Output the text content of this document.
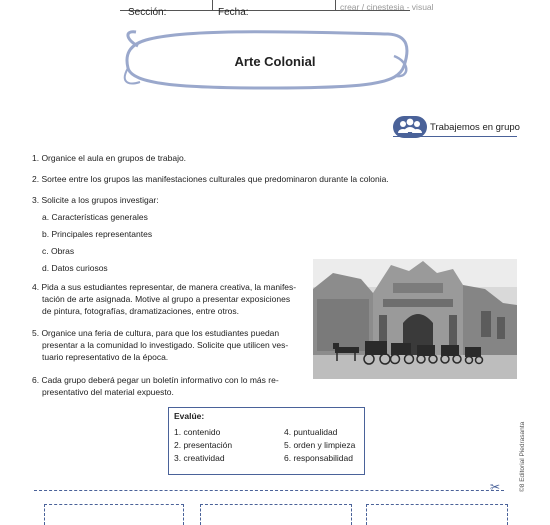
Sección:	Fecha:	crear / cinestesia - visual
Arte Colonial
Trabajemos en grupo
1. Organice el aula en grupos de trabajo.
2. Sortee entre los grupos las manifestaciones culturales que predominaron durante la colonia.
3. Solicite a los grupos investigar:
a. Características generales
b. Principales representantes
c. Obras
d. Datos curiosos
4. Pida a sus estudiantes representar, de manera creativa, la manifes-
tación de arte asignada. Motive al grupo a presentar exposiciones
de pintura, fotografías, dramatizaciones, entre otros.
5. Organice una feria de cultura, para que los estudiantes puedan
presentar a la comunidad lo investigado. Solicite que utilicen ves-
tuario representativo de la época.
6. Cada grupo deberá pegar un boletín informativo con lo más re-
presentativo del material expuesto.
Evalúe:
1. contenido
2. presentación
3. creatividad
4. puntualidad
5. orden y limpieza
6. responsabilidad	©8 Editorial Piedrasanta
✂
